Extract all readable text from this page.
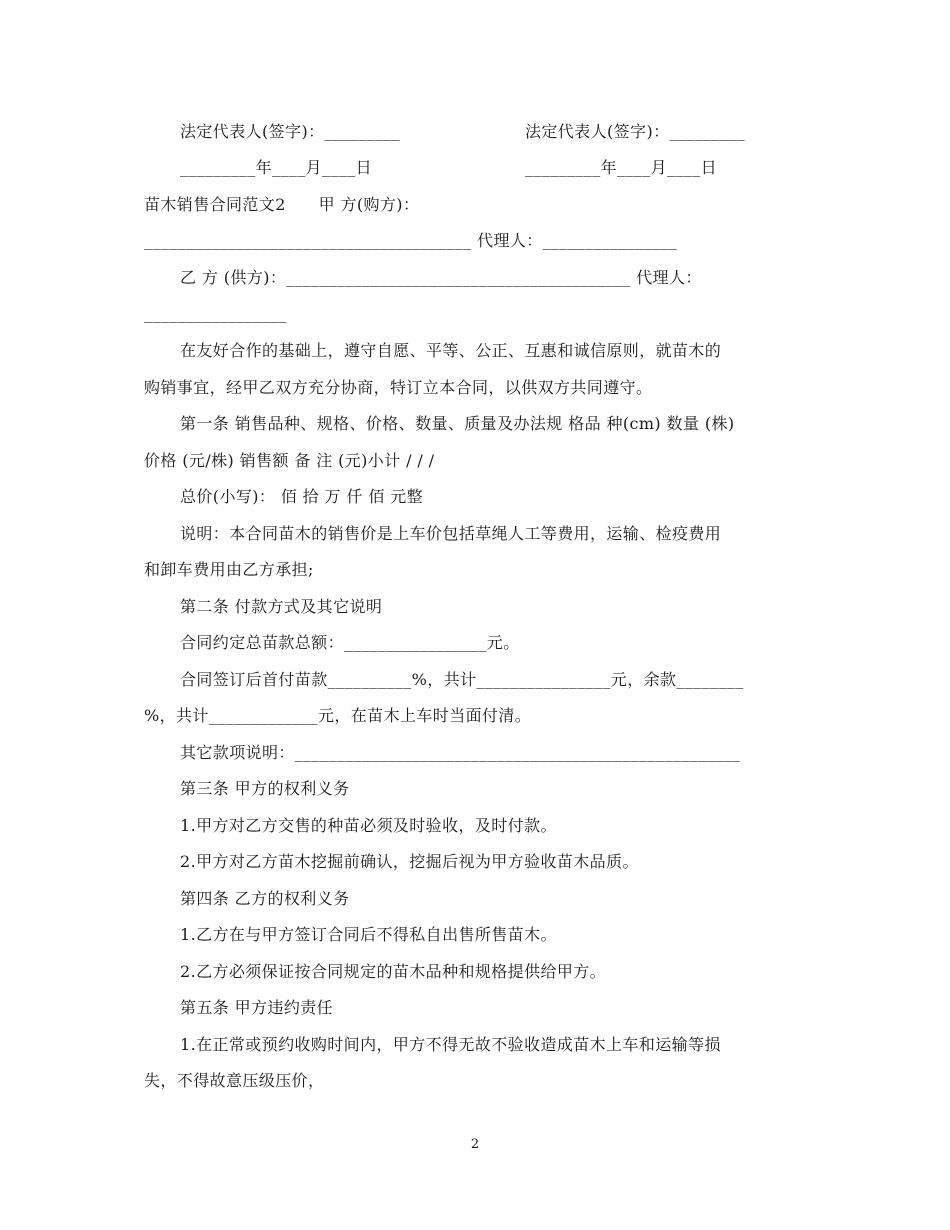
法定代表人(签字)：_________	法定代表人(签字)：_________
_________年____月____日	_________年____月____日
苗木销售合同范文2　　甲 方(购方)：
_______________________________________ 代理人：________________
乙 方 (供方)：_________________________________________ 代理人：
_________________
在友好合作的基础上，遵守自愿、平等、公正、互惠和诚信原则，就苗木的
购销事宜，经甲乙双方充分协商，特订立本合同，以供双方共同遵守。
第一条 销售品种、规格、价格、数量、质量及办法规 格品 种(cm) 数量 (株)
价格 (元/株) 销售额 备 注 (元)小计 / / /
总价(小写)： 佰 拾 万 仟 佰 元整
说明：本合同苗木的销售价是上车价包括草绳人工等费用，运输、检疫费用
和卸车费用由乙方承担;
第二条 付款方式及其它说明
合同约定总苗款总额：_________________元。
合同签订后首付苗款__________%，共计________________元，余款________
%，共计_____________元，在苗木上车时当面付清。
其它款项说明：_____________________________________________________
第三条 甲方的权利义务
1.甲方对乙方交售的种苗必须及时验收，及时付款。
2.甲方对乙方苗木挖掘前确认，挖掘后视为甲方验收苗木品质。
第四条 乙方的权利义务
1.乙方在与甲方签订合同后不得私自出售所售苗木。
2.乙方必须保证按合同规定的苗木品种和规格提供给甲方。
第五条 甲方违约责任
1.在正常或预约收购时间内，甲方不得无故不验收造成苗木上车和运输等损
失，不得故意压级压价，
2
